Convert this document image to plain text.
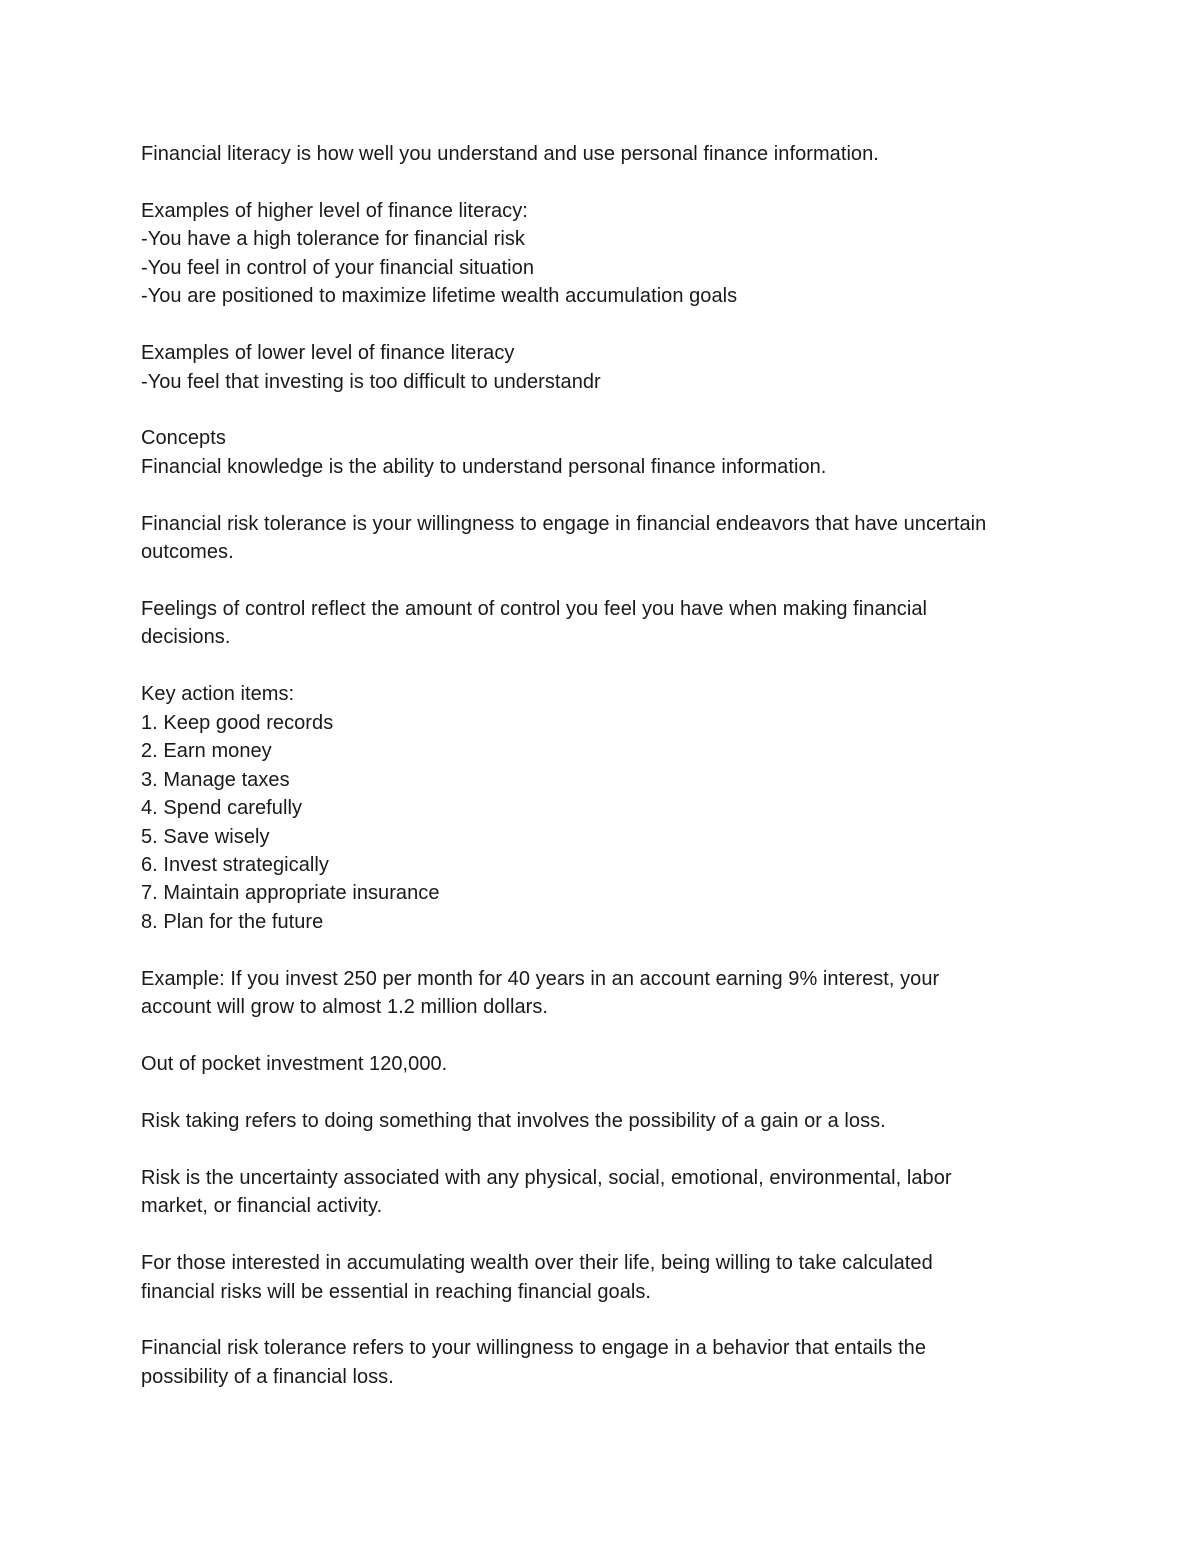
Financial literacy is how well you understand and use personal finance information.
Examples of higher level of finance literacy:
-You have a high tolerance for financial risk
-You feel in control of your financial situation
-You are positioned to maximize lifetime wealth accumulation goals
Examples of lower level of finance literacy
-You feel that investing is too difficult to understandr
Concepts
Financial knowledge is the ability to understand personal finance information.
Financial risk tolerance is your willingness to engage in financial endeavors that have uncertain
outcomes.
Feelings of control reflect the amount of control you feel you have when making financial
decisions.
Key action items:
1. Keep good records
2. Earn money
3. Manage taxes
4. Spend carefully
5. Save wisely
6. Invest strategically
7. Maintain appropriate insurance
8. Plan for the future
Example: If you invest 250 per month for 40 years in an account earning 9% interest, your
account will grow to almost 1.2 million dollars.
Out of pocket investment 120,000.
Risk taking refers to doing something that involves the possibility of a gain or a loss.
Risk is the uncertainty associated with any physical, social, emotional, environmental, labor
market, or financial activity.
For those interested in accumulating wealth over their life, being willing to take calculated
financial risks will be essential in reaching financial goals.
Financial risk tolerance refers to your willingness to engage in a behavior that entails the
possibility of a financial loss.
